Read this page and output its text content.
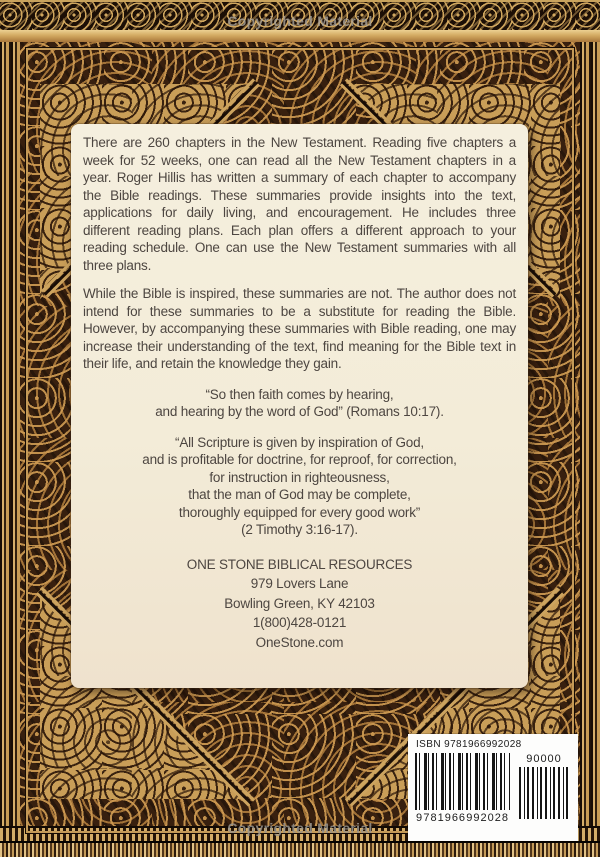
Copyrighted Material
Copyrighted Material

There are 260 chapters in the New Testament. Reading five chapters a week for 52 weeks, one can read all the New Testament chapters in a year. Roger Hillis has written a summary of each chapter to accompany the Bible readings. These summaries provide insights into the text, applications for daily living, and encouragement. He includes three different reading plans. Each plan offers a different approach to your reading schedule. One can use the New Testament summaries with all three plans.

While the Bible is inspired, these summaries are not. The author does not intend for these summaries to be a substitute for reading the Bible. However, by accompanying these summaries with Bible reading, one may increase their understanding of the text, find meaning for the Bible text in their life, and retain the knowledge they gain.

“So then faith comes by hearing,
and hearing by the word of God” (Romans 10:17).
“All Scripture is given by inspiration of God,
and is profitable for doctrine, for reproof, for correction,
for instruction in righteousness,
that the man of God may be complete,
thoroughly equipped for every good work”
(2 Timothy 3:16-17).
ONE STONE BIBLICAL RESOURCES
979 Lovers Lane
Bowling Green, KY 42103
1(800)428-0121
OneStone.com
ISBN 9781966992028
9 781966 992028
90000
